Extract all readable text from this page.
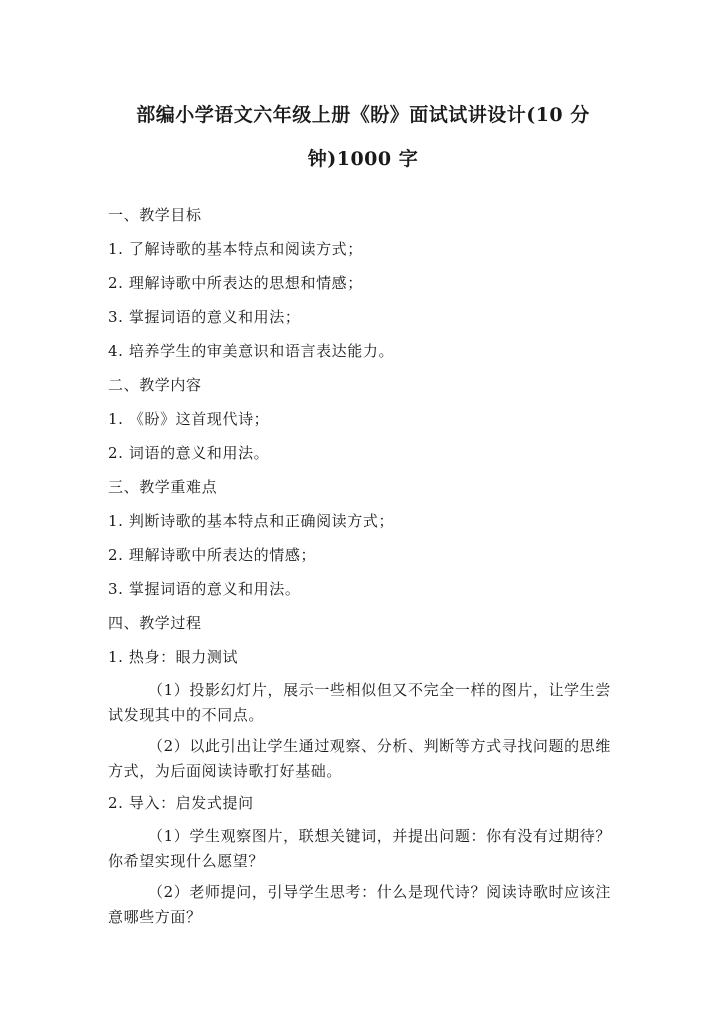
部编小学语文六年级上册《盼》面试试讲设计(10 分
钟)1000 字

一、教学目标

1. 了解诗歌的基本特点和阅读方式；

2. 理解诗歌中所表达的思想和情感；

3. 掌握词语的意义和用法；

4. 培养学生的审美意识和语言表达能力。

二、教学内容

1. 《盼》这首现代诗；

2. 词语的意义和用法。

三、教学重难点

1. 判断诗歌的基本特点和正确阅读方式；

2. 理解诗歌中所表达的情感；

3. 掌握词语的意义和用法。

四、教学过程

1. 热身：眼力测试

（1）投影幻灯片，展示一些相似但又不完全一样的图片，让学生尝试发现其中的不同点。

（2）以此引出让学生通过观察、分析、判断等方式寻找问题的思维方式，为后面阅读诗歌打好基础。

2. 导入：启发式提问

（1）学生观察图片，联想关键词，并提出问题：你有没有过期待？你希望实现什么愿望？

（2）老师提问，引导学生思考：什么是现代诗？阅读诗歌时应该注意哪些方面？
